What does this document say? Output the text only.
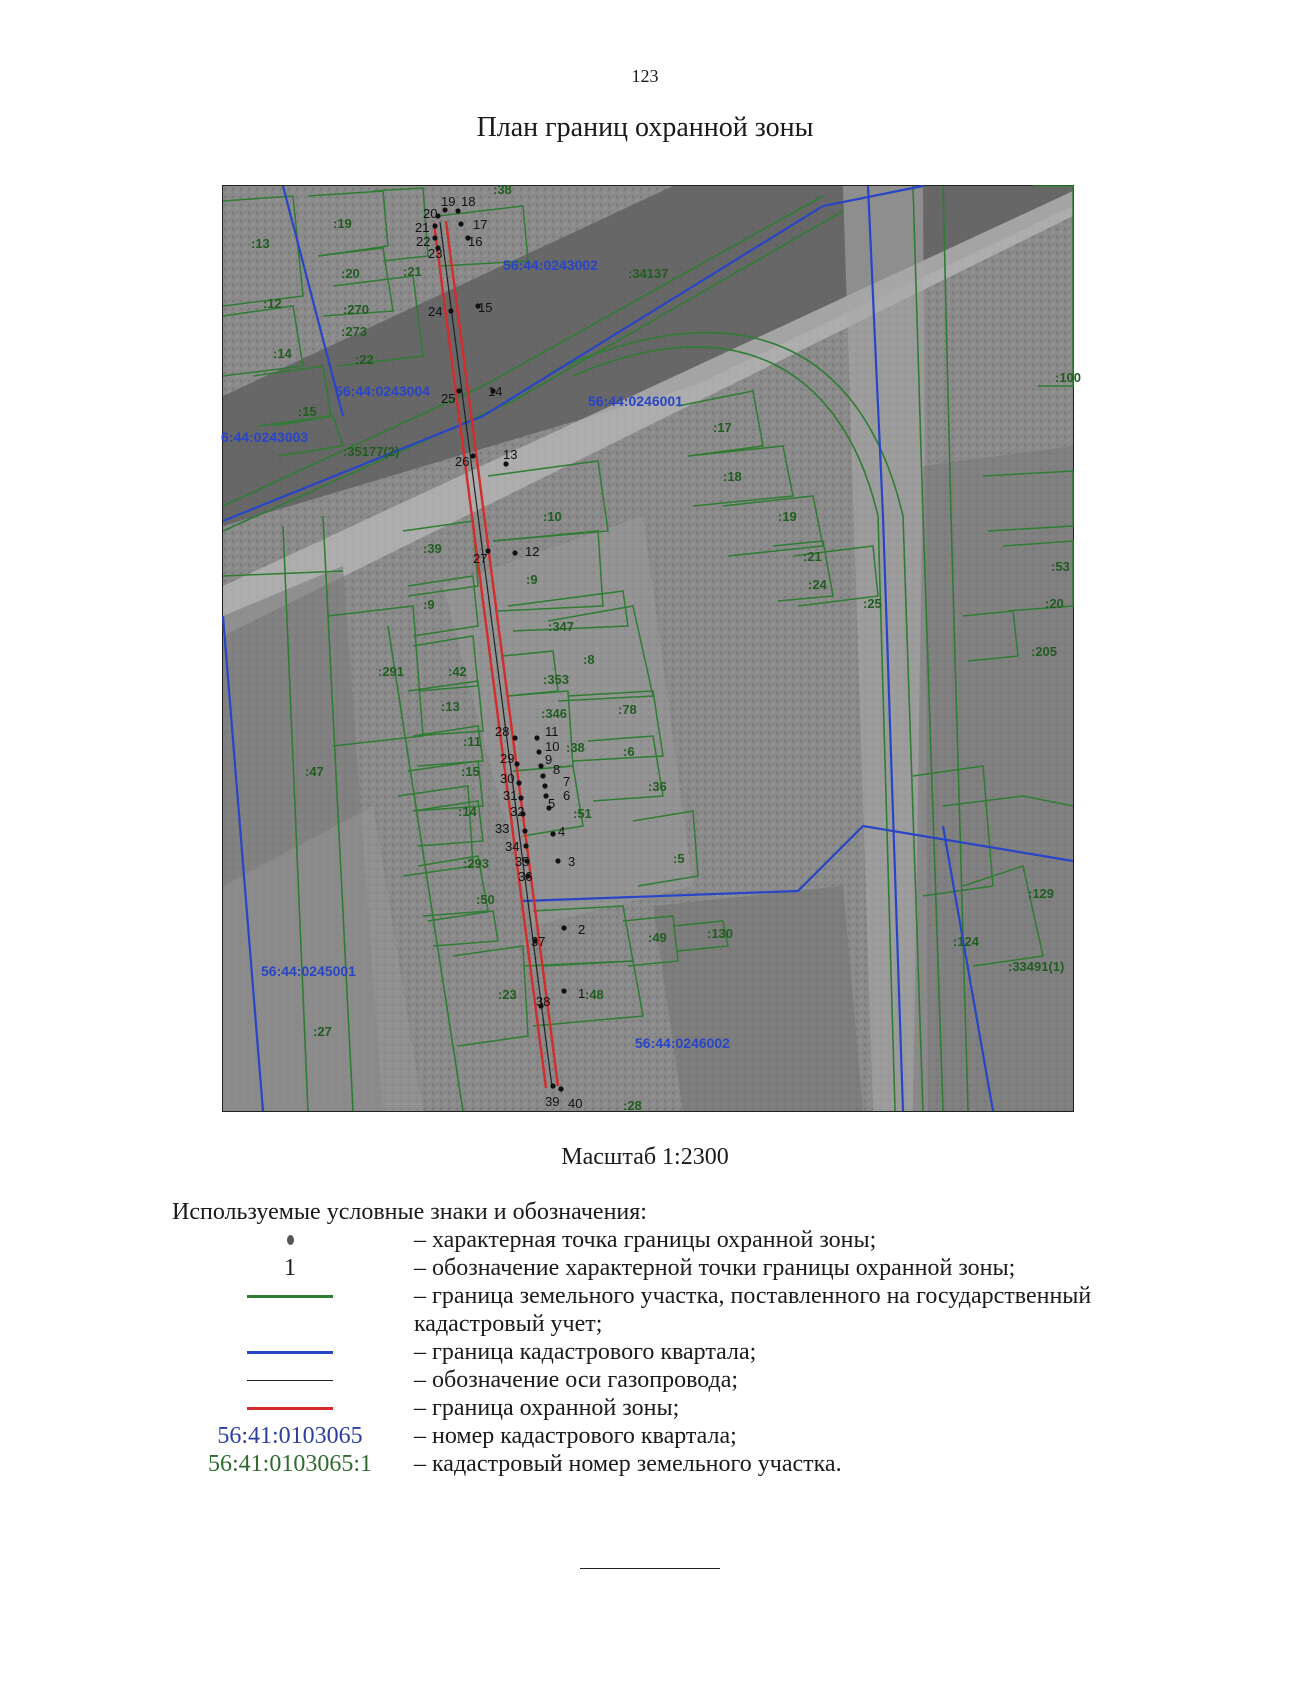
123
План границ охранной зоны
1
2
3
4
5
6
7
8
9
10
11
12
13
14
15
16
17
18
19
20
21
22
23
24
25
26
27
28
29
30
31
32
33
34
35
36
37
38
39 40
:38
:13
:19
:20	:21
:12	:270
:273
:14	:22
:15
:34137
:35177(2)
:17
:18
:19
:21
:24
:25
:9
:10
:39
:9
:347
:291	:42
:353
:8
:13	:346	:78
:11	:38	:6
:15
:36
:14	:51
:5
:293
:50
:49	:130
:129
:124
:33491(1)
:23	:48
:47
:27
:53
:20
:205
:28
:100
56:44:0243002
56:44:0243004
6:44:0243003
56:44:0246001
56:44:0245001
56:44:0246002
Масштаб 1:2300
Используемые условные знаки и обозначения:
– характерная точка границы охранной зоны;
1	– обозначение характерной точки границы охранной зоны;
– граница земельного участка, поставленного на государственный кадастровый учет;
– граница кадастрового квартала;
– обозначение оси газопровода;
– граница охранной зоны;
56:41:0103065	– номер кадастрового квартала;
56:41:0103065:1	– кадастровый номер земельного участка.
